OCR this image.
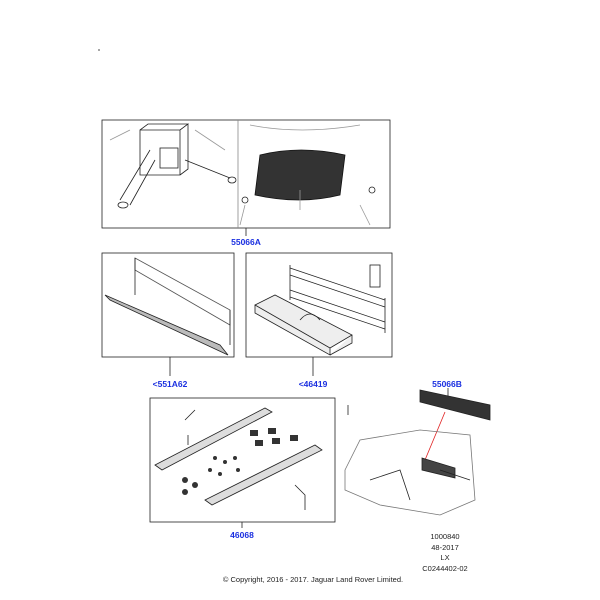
55066A
<551A62	<46419
46068
55066B
1000840
48-2017
LX
C0244402-02
© Copyright, 2016 - 2017. Jaguar Land Rover Limited.
